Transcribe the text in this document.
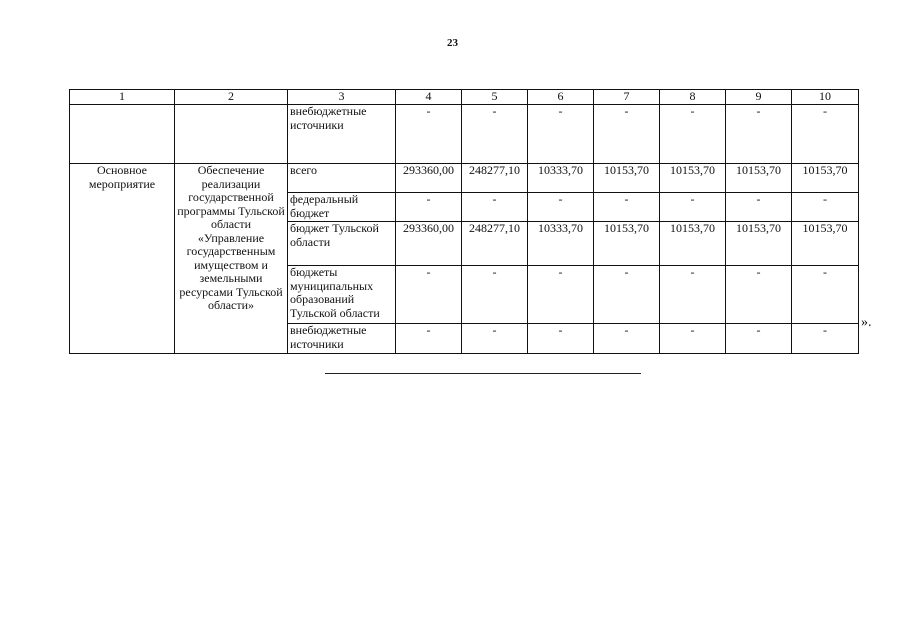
23
1	2	3	4	5	6	7	8	9	10
		внебюджетные источники	-	-	-	-	-	-	-
Основное мероприятие	Обеспечение реализации государственной программы Тульской области «Управление государственным имуществом и земельными ресурсами Тульской области»	всего	293360,00	248277,10	10333,70	10153,70	10153,70	10153,70	10153,70
		федеральный бюджет	-	-	-	-	-	-	-
		бюджет Тульской области	293360,00	248277,10	10333,70	10153,70	10153,70	10153,70	10153,70
		бюджеты муниципальных образований Тульской области	-	-	-	-	-	-	-
		внебюджетные источники	-	-	-	-	-	-	- ».
